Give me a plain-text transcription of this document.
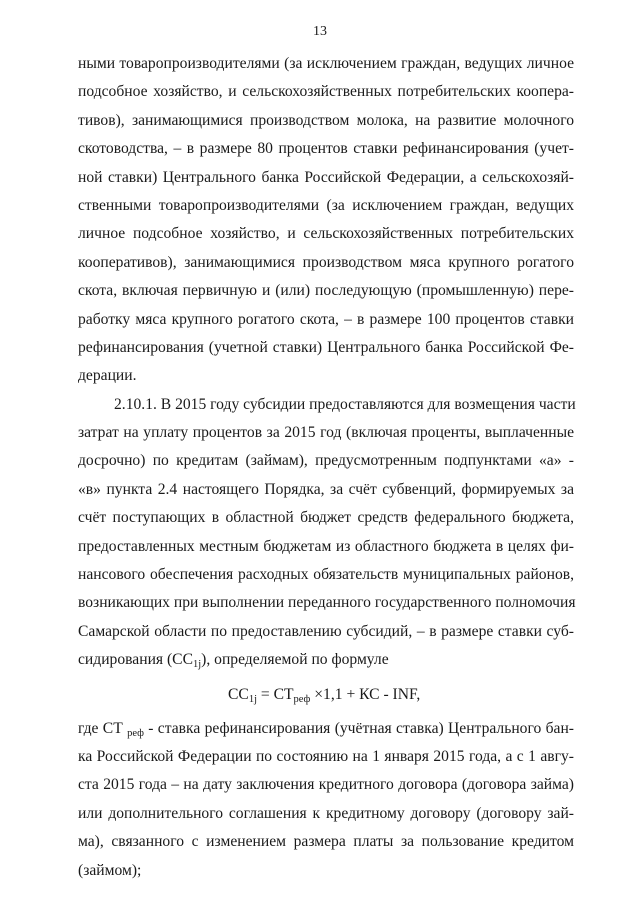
13
ными товаропроизводителями (за исключением граждан, ведущих личное
подсобное хозяйство, и сельскохозяйственных потребительских коопера-
тивов), занимающимися производством молока, на развитие молочного
скотоводства, – в размере 80 процентов ставки рефинансирования (учет-
ной ставки) Центрального банка Российской Федерации, а сельскохозяй-
ственными товаропроизводителями (за исключением граждан, ведущих
личное подсобное хозяйство, и сельскохозяйственных потребительских
кооперативов), занимающимися производством мяса крупного рогатого
скота, включая первичную и (или) последующую (промышленную) пере-
работку мяса крупного рогатого скота, – в размере 100 процентов ставки
рефинансирования (учетной ставки) Центрального банка Российской Фе-
дерации.
2.10.1. В 2015 году субсидии предоставляются для возмещения части
затрат на уплату процентов за 2015 год (включая проценты, выплаченные
досрочно) по кредитам (займам), предусмотренным подпунктами «а» -
«в» пункта 2.4 настоящего Порядка, за счёт субвенций, формируемых за
счёт поступающих в областной бюджет средств федерального бюджета,
предоставленных местным бюджетам из областного бюджета в целях фи-
нансового обеспечения расходных обязательств муниципальных районов,
возникающих при выполнении переданного государственного полномочия
Самарской области по предоставлению субсидий, – в размере ставки суб-
сидирования $(СС_{1j})$, определяемой по формуле
$СС_{1j} = СТ_{реф} \times 1,1$ + КС - INF,
где СТ $_{реф}$ - ставка рефинансирования (учётная ставка) Центрального бан-
ка Российской Федерации по состоянию на 1 января 2015 года, а с 1 авгу-
ста 2015 года – на дату заключения кредитного договора (договора займа)
или дополнительного соглашения к кредитному договору (договору зай-
ма), связанного с изменением размера платы за пользование кредитом
(займом);
